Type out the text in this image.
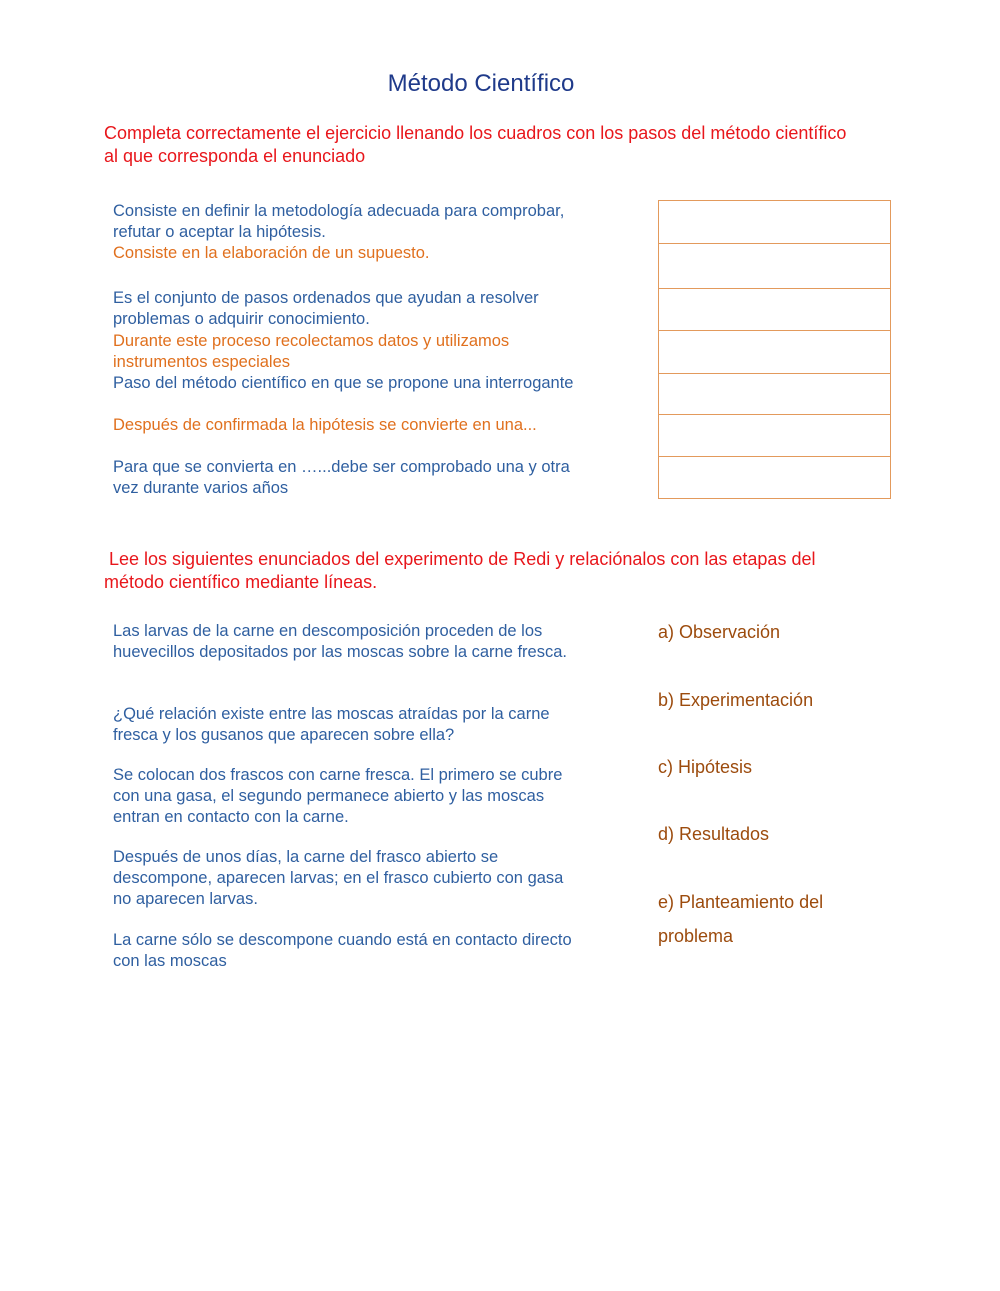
Método Científico

Completa correctamente el ejercicio llenando los cuadros con los pasos del método científico al que corresponda el enunciado

Consiste en definir la metodología adecuada para comprobar, refutar o aceptar la hipótesis.

Consiste en la elaboración de un supuesto.

Es el conjunto de pasos ordenados que ayudan a resolver problemas o adquirir conocimiento.

Durante este proceso recolectamos datos y utilizamos instrumentos especiales

Paso del método científico en que se propone una interrogante

Después de confirmada la hipótesis se convierte en una...

Para que se convierta en …...debe ser comprobado una y otra vez durante varios años

Lee los siguientes enunciados del experimento de Redi y relaciónalos con las etapas del método científico mediante líneas.

Las larvas de la carne en descomposición proceden de los huevecillos depositados por las moscas sobre la carne fresca.

¿Qué relación existe entre las moscas atraídas por la carne fresca y los gusanos que aparecen sobre ella?

Se colocan dos frascos con carne fresca. El primero se cubre con una gasa, el segundo permanece abierto y las moscas entran en contacto con la carne.

Después de unos días, la carne del frasco abierto se descompone, aparecen larvas; en el frasco cubierto con gasa no aparecen larvas.

La carne sólo se descompone cuando está en contacto directo con las moscas

a) Observación

b) Experimentación

c) Hipótesis

d) Resultados

e) Planteamiento del problema
